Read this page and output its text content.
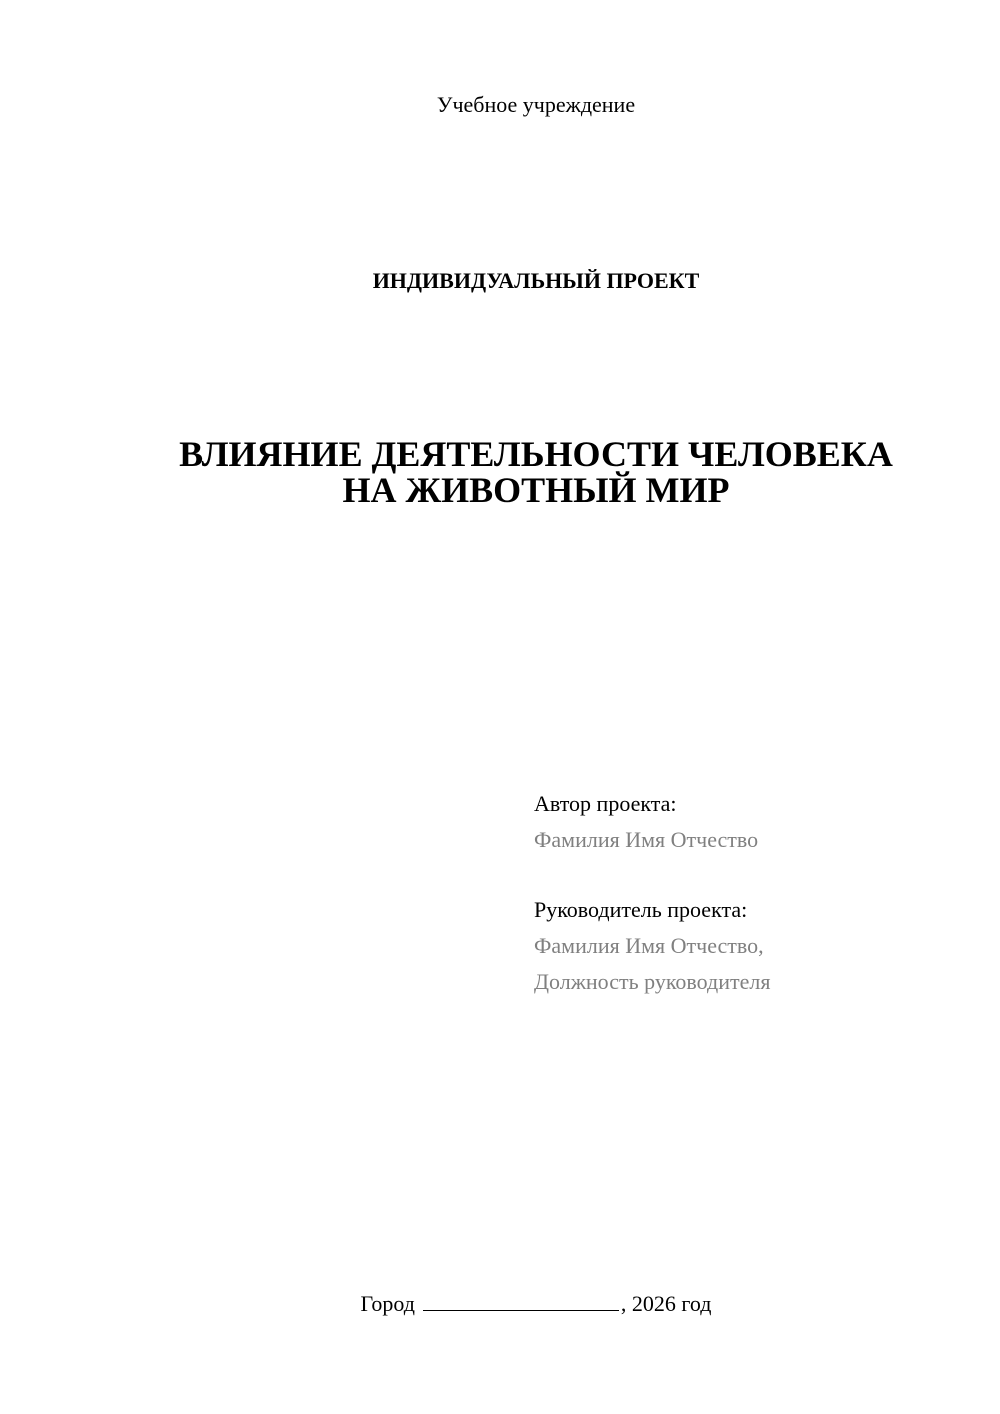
Учебное учреждение
ИНДИВИДУАЛЬНЫЙ ПРОЕКТ
ВЛИЯНИЕ ДЕЯТЕЛЬНОСТИ ЧЕЛОВЕКА
НА ЖИВОТНЫЙ МИР
Автор проекта:
Фамилия Имя Отчество
Руководитель проекта:
Фамилия Имя Отчество,
Должность руководителя
Город	, 2026 год
